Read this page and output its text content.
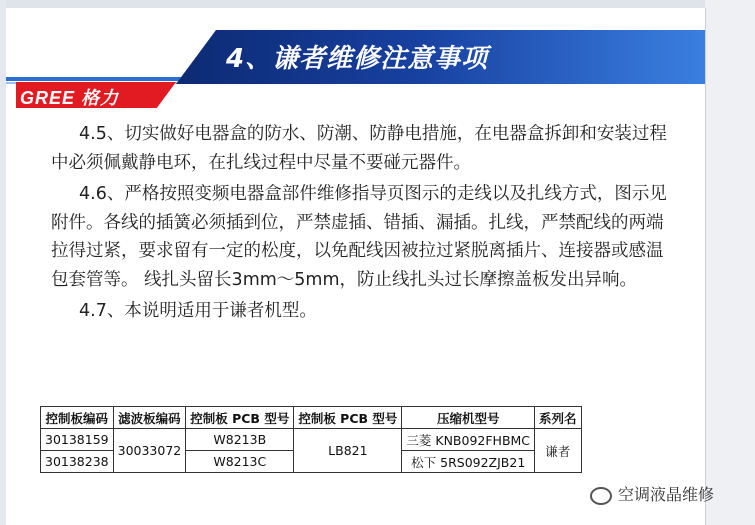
4、谦者维修注意事项
GREE 格力

4.5、切实做好电器盒的防水、防潮、防静电措施，在电器盒拆卸和安装过程中必须佩戴静电环，在扎线过程中尽量不要碰元器件。

4.6、严格按照变频电器盒部件维修指导页图示的走线以及扎线方式，图示见附件。各线的插簧必须插到位，严禁虚插、错插、漏插。扎线，严禁配线的两端拉得过紧，要求留有一定的松度，以免配线因被拉过紧脱离插片、连接器或感温包套管等。 线扎头留长3mm～5mm，防止线扎头过长摩擦盖板发出异响。

4.7、本说明适用于谦者机型。

控制板编码	滤波板编码	控制板 PCB 型号	控制板 PCB 型号	压缩机型号	系列名
30138159	30033072	W8213B	LB821	三菱 KNB092FHBMC	谦者
30138238		W8213C		松下 5RS092ZJB21	
空调液晶维修
